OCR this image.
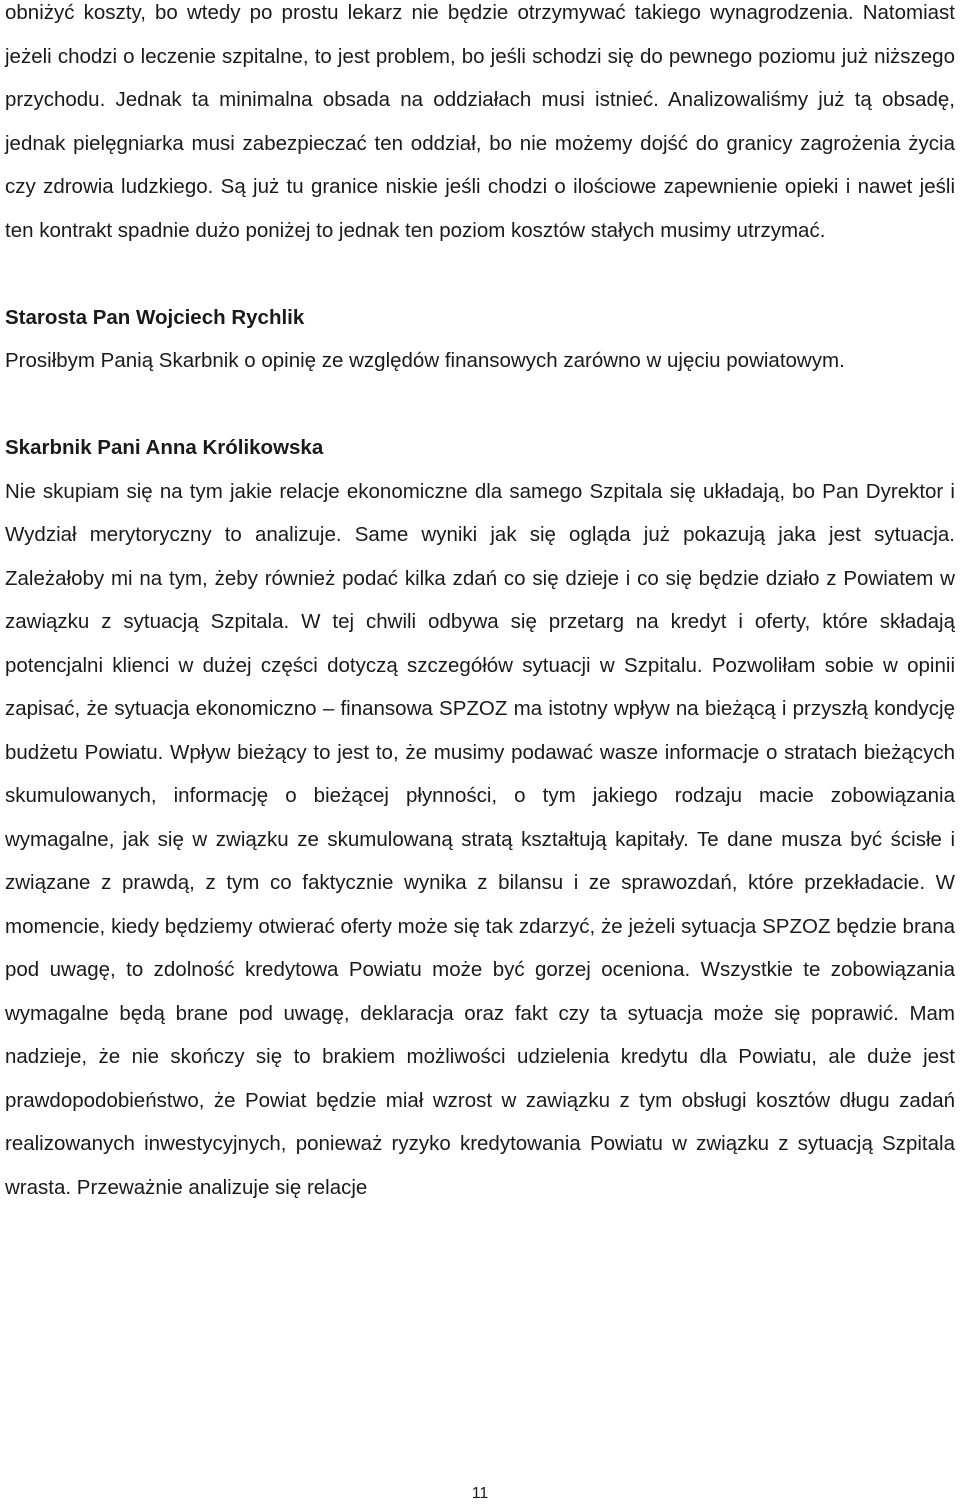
obniżyć koszty, bo wtedy po prostu lekarz nie będzie otrzymywać takiego wynagrodzenia. Natomiast jeżeli chodzi o leczenie szpitalne, to jest problem, bo jeśli schodzi się do pewnego poziomu już niższego przychodu. Jednak ta minimalna obsada na oddziałach musi istnieć. Analizowaliśmy już tą obsadę, jednak pielęgniarka musi zabezpieczać ten oddział, bo nie możemy dojść do granicy zagrożenia życia czy zdrowia ludzkiego. Są już tu granice niskie jeśli chodzi o ilościowe zapewnienie opieki i nawet jeśli ten kontrakt spadnie dużo poniżej to jednak ten poziom kosztów stałych musimy utrzymać.

Starosta Pan Wojciech Rychlik

Prosiłbym Panią Skarbnik o opinię ze względów finansowych zarówno w ujęciu powiatowym.

Skarbnik Pani Anna Królikowska

Nie skupiam się na tym jakie relacje ekonomiczne dla samego Szpitala się układają, bo Pan Dyrektor i Wydział merytoryczny to analizuje. Same wyniki jak się ogląda już pokazują jaka jest sytuacja. Zależałoby mi na tym, żeby również podać kilka zdań co się dzieje i co się będzie działo z Powiatem w zawiązku z sytuacją Szpitala. W tej chwili odbywa się przetarg na kredyt i oferty, które składają potencjalni klienci w dużej części dotyczą szczegółów sytuacji w Szpitalu. Pozwoliłam sobie w opinii zapisać, że sytuacja ekonomiczno – finansowa SPZOZ ma istotny wpływ na bieżącą i przyszłą kondycję budżetu Powiatu. Wpływ bieżący to jest to, że musimy podawać wasze informacje o stratach bieżących skumulowanych, informację o bieżącej płynności, o tym jakiego rodzaju macie zobowiązania wymagalne, jak się w związku ze skumulowaną stratą kształtują kapitały. Te dane musza być ścisłe i związane z prawdą, z tym co faktycznie wynika z bilansu i ze sprawozdań, które przekładacie. W momencie, kiedy będziemy otwierać oferty może się tak zdarzyć, że jeżeli sytuacja SPZOZ będzie brana pod uwagę, to zdolność kredytowa Powiatu może być gorzej oceniona. Wszystkie te zobowiązania wymagalne będą brane pod uwagę, deklaracja oraz fakt czy ta sytuacja może się poprawić. Mam nadzieje, że nie skończy się to brakiem możliwości udzielenia kredytu dla Powiatu, ale duże jest prawdopodobieństwo, że Powiat będzie miał wzrost w zawiązku z tym obsługi kosztów długu zadań realizowanych inwestycyjnych, ponieważ ryzyko kredytowania Powiatu w związku z sytuacją Szpitala wrasta. Przeważnie analizuje się relacje

11
